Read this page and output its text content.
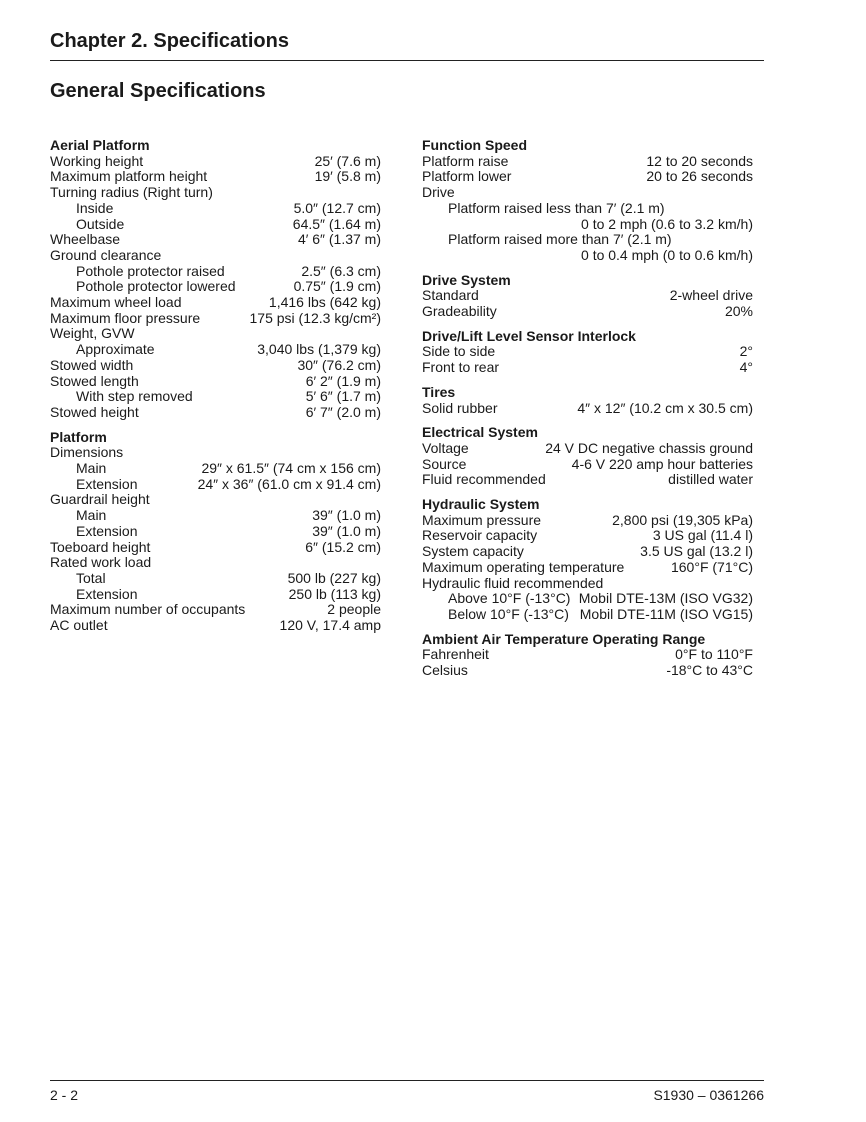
Chapter 2. Specifications
General Specifications
Aerial Platform
Working height	25′ (7.6 m)
Maximum platform height	19′ (5.8 m)
Turning radius (Right turn)
Inside	5.0″ (12.7 cm)
Outside	64.5″ (1.64 m)
Wheelbase	4′ 6″ (1.37 m)
Ground clearance
Pothole protector raised	2.5″ (6.3 cm)
Pothole protector lowered	0.75″ (1.9 cm)
Maximum wheel load	1,416 lbs (642 kg)
Maximum floor pressure	175 psi (12.3 kg/cm²)
Weight, GVW
Approximate	3,040 lbs (1,379 kg)
Stowed width	30″ (76.2 cm)
Stowed length	6′ 2″ (1.9 m)
With step removed	5′ 6″ (1.7 m)
Stowed height	6′ 7″ (2.0 m)
Platform
Dimensions
Main	29″ x 61.5″ (74 cm x 156 cm)
Extension	24″ x 36″ (61.0 cm x 91.4 cm)
Guardrail height
Main	39″ (1.0 m)
Extension	39″ (1.0 m)
Toeboard height	6″ (15.2 cm)
Rated work load
Total	500 lb (227 kg)
Extension	250 lb (113 kg)
Maximum number of occupants	2 people
AC outlet	120 V, 17.4 amp
Function Speed
Platform raise	12 to 20 seconds
Platform lower	20 to 26 seconds
Drive
Platform raised less than 7′ (2.1 m)
0 to 2 mph (0.6 to 3.2 km/h)
Platform raised more than 7′ (2.1 m)
0 to 0.4 mph (0 to 0.6 km/h)
Drive System
Standard	2-wheel drive
Gradeability	20%
Drive/Lift Level Sensor Interlock
Side to side	2°
Front to rear	4°
Tires
Solid rubber	4″ x 12″ (10.2 cm x 30.5 cm)
Electrical System
Voltage	24 V DC negative chassis ground
Source	4-6 V 220 amp hour batteries
Fluid recommended	distilled water
Hydraulic System
Maximum pressure	2,800 psi (19,305 kPa)
Reservoir capacity	3 US gal (11.4 l)
System capacity	3.5 US gal (13.2 l)
Maximum operating temperature	160°F (71°C)
Hydraulic fluid recommended
Above 10°F (-13°C) Mobil DTE-13M (ISO VG32)
Below 10°F (-13°C) Mobil DTE-11M (ISO VG15)
Ambient Air Temperature Operating Range
Fahrenheit	0°F to 110°F
Celsius	-18°C to 43°C
2 - 2	S1930 – 0361266
